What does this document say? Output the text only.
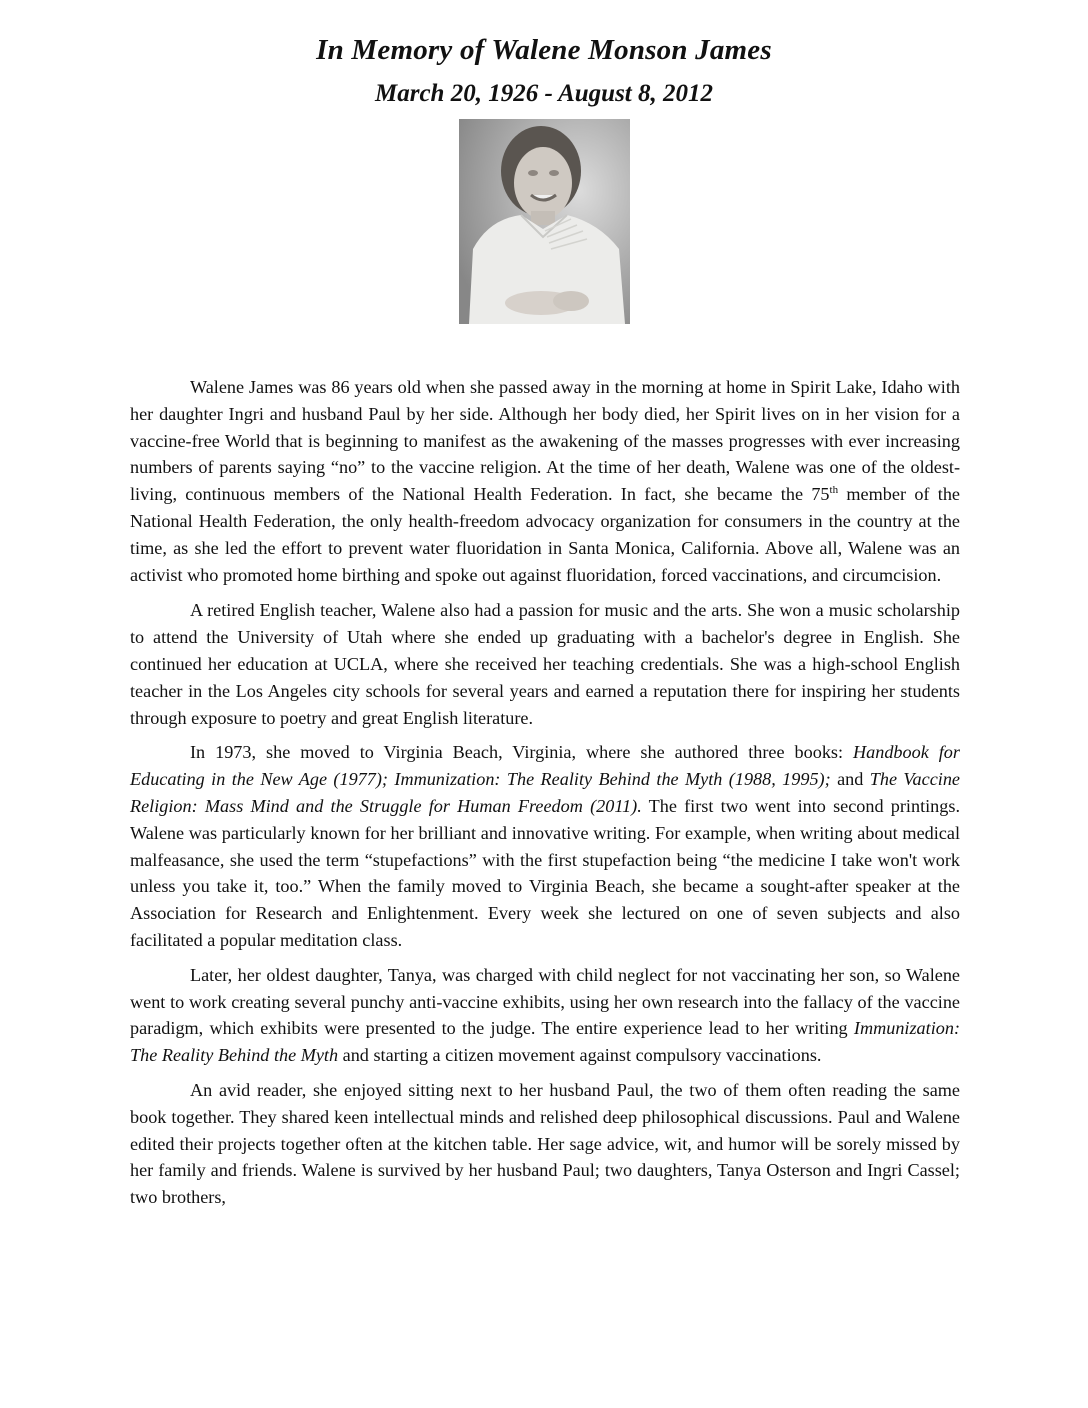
In Memory of Walene Monson James
March 20, 1926 - August 8, 2012

Walene James was 86 years old when she passed away in the morning at home in Spirit Lake, Idaho with her daughter Ingri and husband Paul by her side. Although her body died, her Spirit lives on in her vision for a vaccine-free World that is beginning to manifest as the awakening of the masses progresses with ever increasing numbers of parents saying “no” to the vaccine religion. At the time of her death, Walene was one of the oldest-living, continuous members of the National Health Federation. In fact, she became the 75th member of the National Health Federation, the only health-freedom advocacy organization for consumers in the country at the time, as she led the effort to prevent water fluoridation in Santa Monica, California. Above all, Walene was an activist who promoted home birthing and spoke out against fluoridation, forced vaccinations, and circumcision.

A retired English teacher, Walene also had a passion for music and the arts. She won a music scholarship to attend the University of Utah where she ended up graduating with a bachelor's degree in English. She continued her education at UCLA, where she received her teaching credentials. She was a high-school English teacher in the Los Angeles city schools for several years and earned a reputation there for inspiring her students through exposure to poetry and great English literature.

In 1973, she moved to Virginia Beach, Virginia, where she authored three books: Handbook for Educating in the New Age (1977); Immunization: The Reality Behind the Myth (1988, 1995); and The Vaccine Religion: Mass Mind and the Struggle for Human Freedom (2011). The first two went into second printings. Walene was particularly known for her brilliant and innovative writing. For example, when writing about medical malfeasance, she used the term “stupefactions” with the first stupefaction being “the medicine I take won't work unless you take it, too.” When the family moved to Virginia Beach, she became a sought-after speaker at the Association for Research and Enlightenment. Every week she lectured on one of seven subjects and also facilitated a popular meditation class.

Later, her oldest daughter, Tanya, was charged with child neglect for not vaccinating her son, so Walene went to work creating several punchy anti-vaccine exhibits, using her own research into the fallacy of the vaccine paradigm, which exhibits were presented to the judge. The entire experience lead to her writing Immunization: The Reality Behind the Myth and starting a citizen movement against compulsory vaccinations.

An avid reader, she enjoyed sitting next to her husband Paul, the two of them often reading the same book together. They shared keen intellectual minds and relished deep philosophical discussions. Paul and Walene edited their projects together often at the kitchen table. Her sage advice, wit, and humor will be sorely missed by her family and friends. Walene is survived by her husband Paul; two daughters, Tanya Osterson and Ingri Cassel; two brothers,
